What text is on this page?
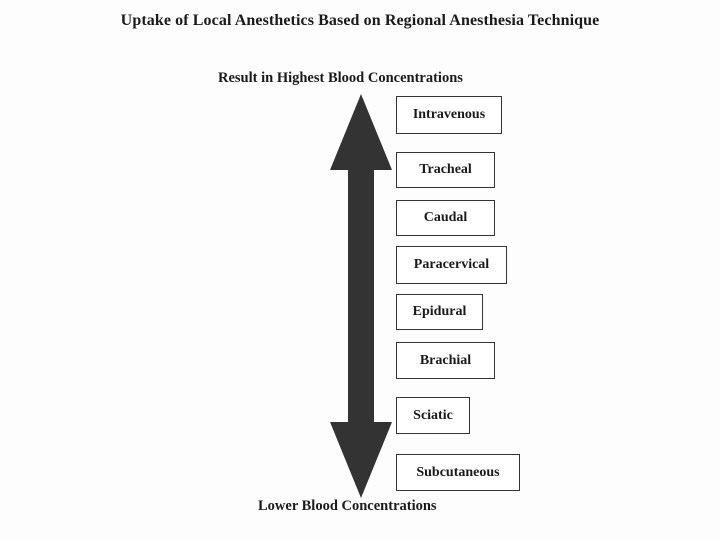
Uptake of Local Anesthetics Based on Regional Anesthesia Technique
Result in Highest Blood Concentrations
Intravenous
Tracheal
Caudal
Paracervical
Epidural
Brachial
Sciatic
Subcutaneous
Lower Blood Concentrations
